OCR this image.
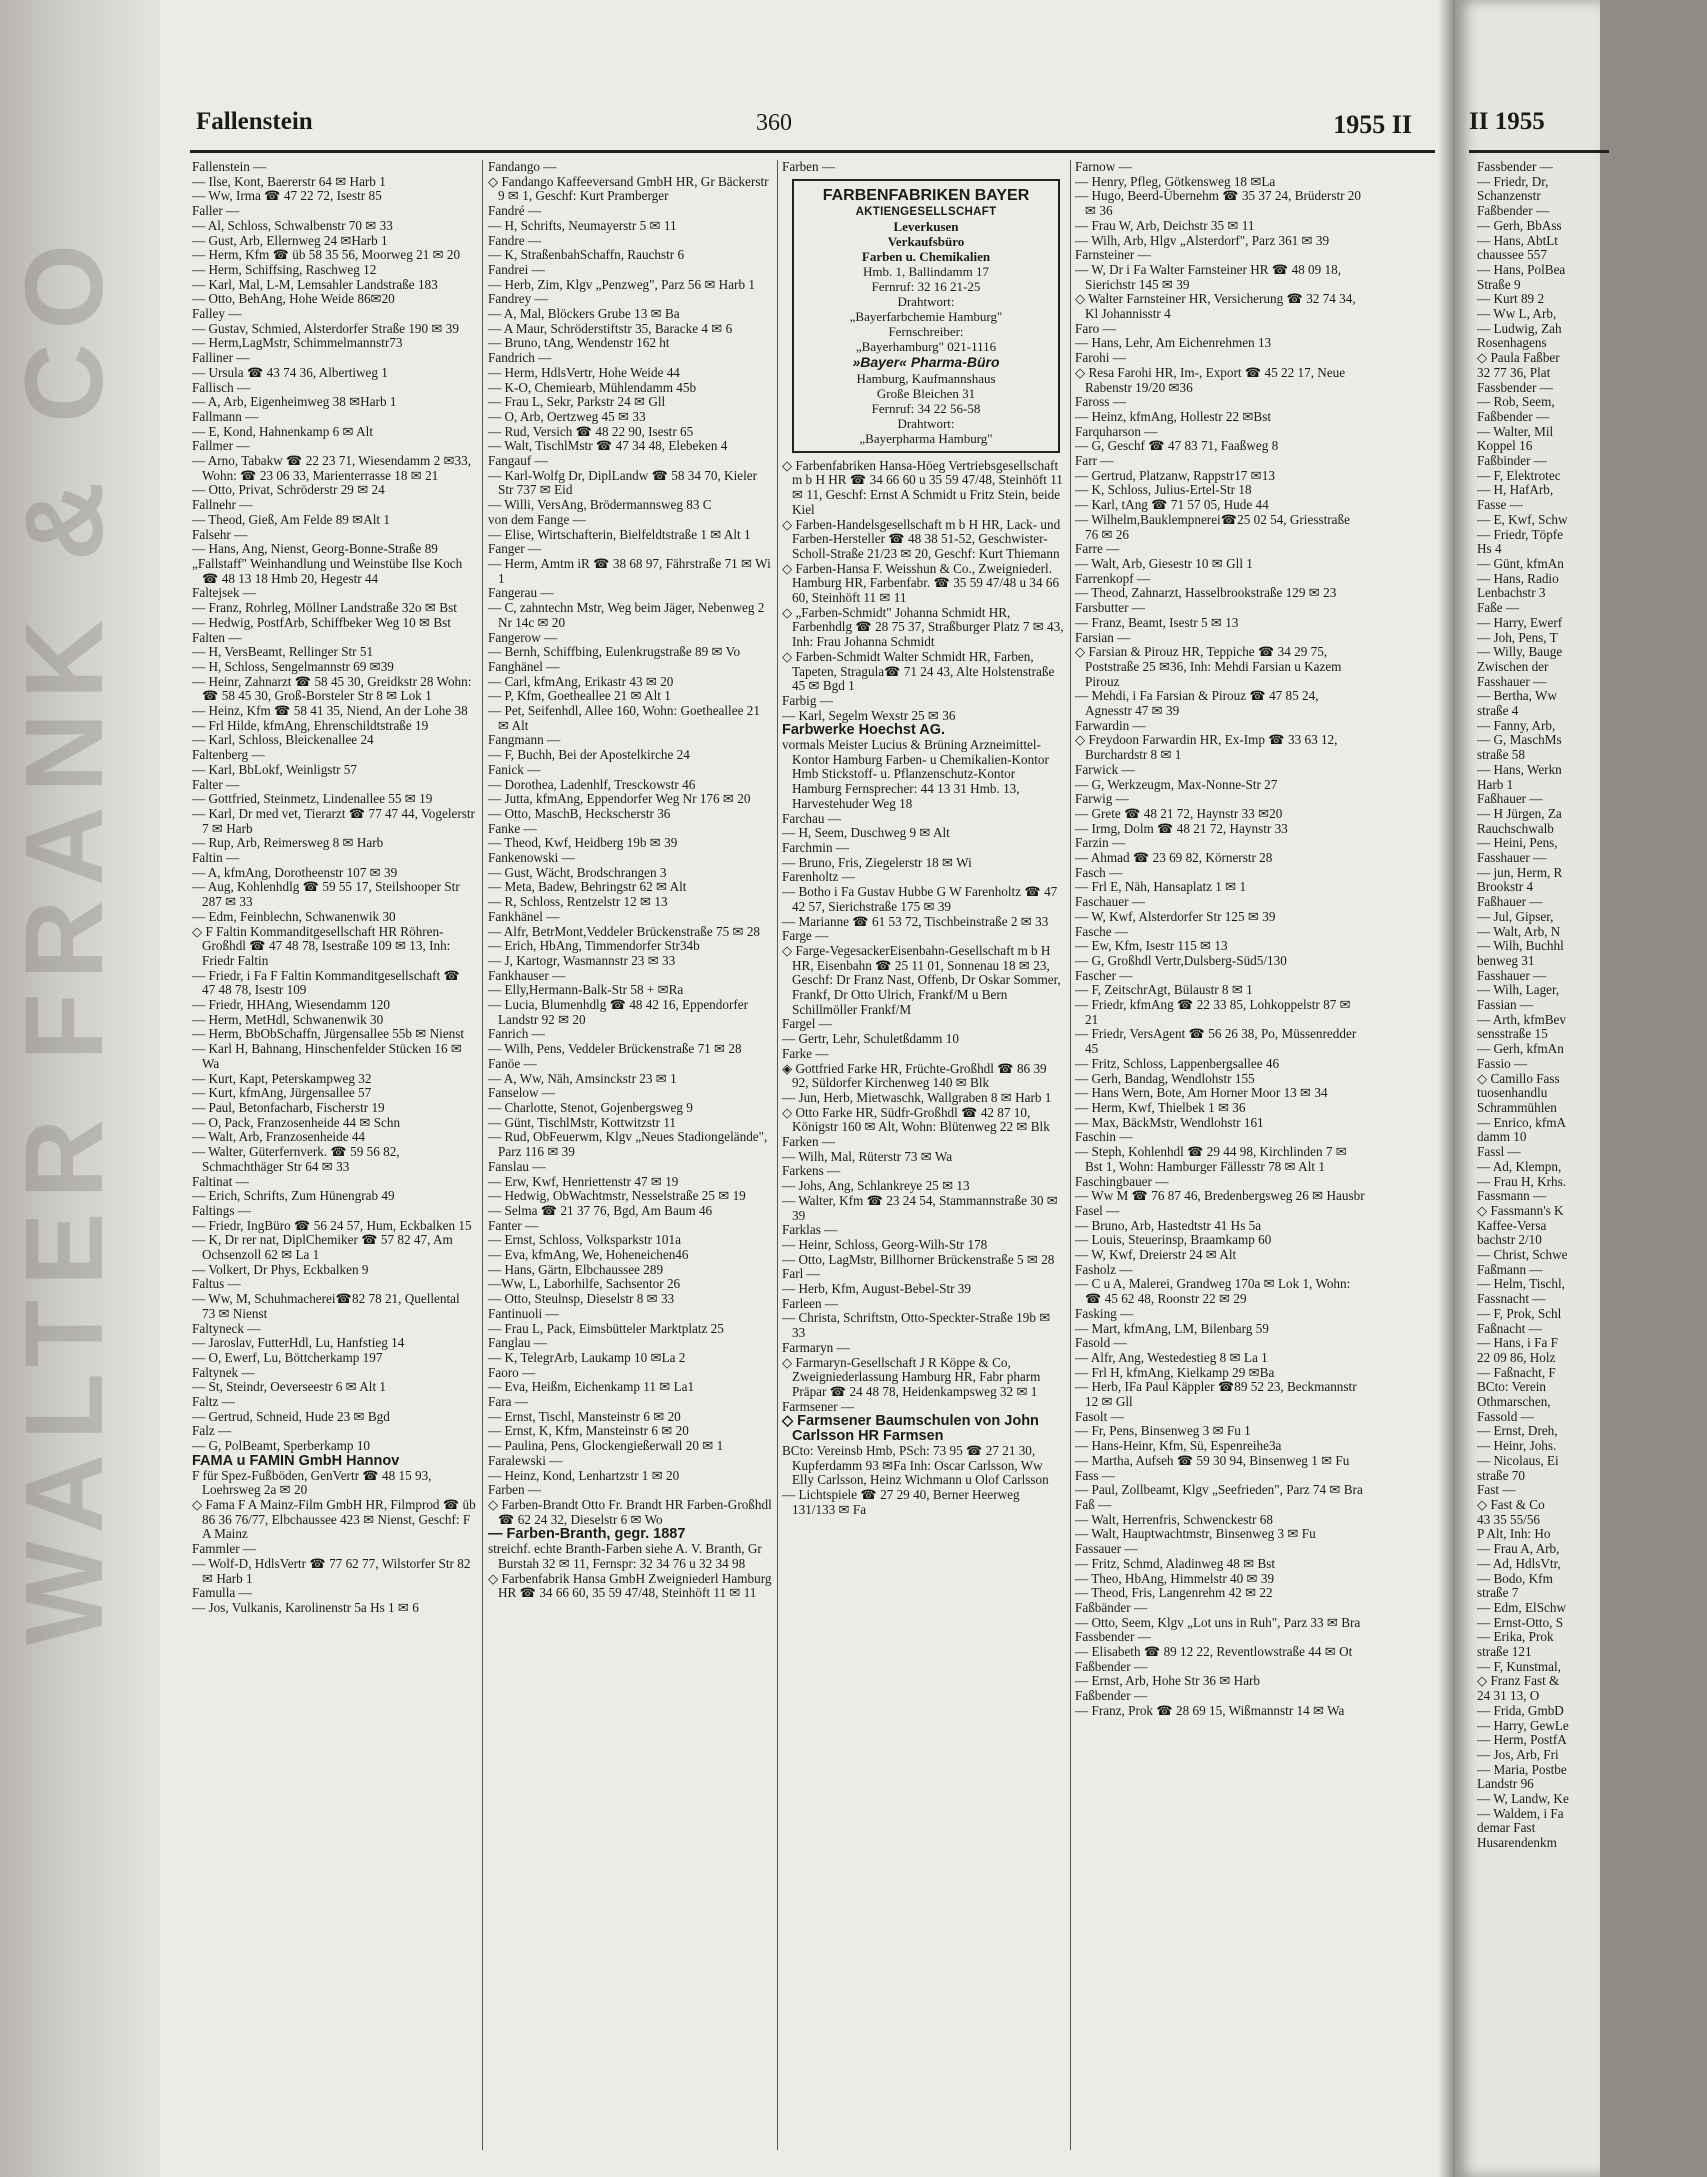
WALTER FRANK & CO
Fallenstein	360	1955 II
Fallenstein —
— Ilse, Kont, Baererstr 64 ✉ Harb 1
— Ww, Irma ☎ 47 22 72, Isestr 85
Faller —
— Al, Schloss, Schwalbenstr 70 ✉ 33
— Gust, Arb, Ellernweg 24 ✉Harb 1
— Herm, Kfm ☎ üb 58 35 56, Moorweg 21 ✉ 20
— Herm, Schiffsing, Raschweg 12
— Karl, Mal, L-M, Lemsahler Landstraße 183
— Otto, BehAng, Hohe Weide 86✉20
Falley —
— Gustav, Schmied, Alsterdorfer Straße 190 ✉ 39
— Herm,LagMstr, Schimmelmannstr73
Falliner —
— Ursula ☎ 43 74 36, Albertiweg 1
Fallisch —
— A, Arb, Eigenheimweg 38 ✉Harb 1
Fallmann —
— E, Kond, Hahnenkamp 6 ✉ Alt
Fallmer —
— Arno, Tabakw ☎ 22 23 71, Wiesendamm 2 ✉33, Wohn: ☎ 23 06 33, Marienterrasse 18 ✉ 21
— Otto, Privat, Schröderstr 29 ✉ 24
Fallnehr —
— Theod, Gieß, Am Felde 89 ✉Alt 1
Falsehr —
— Hans, Ang, Nienst, Georg-Bonne-Straße 89
„Fallstaff" Weinhandlung und Weinstübe Ilse Koch ☎ 48 13 18 Hmb 20, Hegestr 44
Faltejsek —
— Franz, Rohrleg, Möllner Landstraße 32o ✉ Bst
— Hedwig, PostfArb, Schiffbeker Weg 10 ✉ Bst
Falten —
— H, VersBeamt, Rellinger Str 51
— H, Schloss, Sengelmannstr 69 ✉39
— Heinr, Zahnarzt ☎ 58 45 30, Greidkstr 28 Wohn: ☎ 58 45 30, Groß-Borsteler Str 8 ✉ Lok 1
— Heinz, Kfm ☎ 58 41 35, Niend, An der Lohe 38
— Frl Hilde, kfmAng, Ehrenschildtstraße 19
— Karl, Schloss, Bleickenallee 24
Faltenberg —
— Karl, BbLokf, Weinligstr 57
Falter —
— Gottfried, Steinmetz, Lindenallee 55 ✉ 19
— Karl, Dr med vet, Tierarzt ☎ 77 47 44, Vogelerstr 7 ✉ Harb
— Rup, Arb, Reimersweg 8 ✉ Harb
Faltin —
— A, kfmAng, Dorotheenstr 107 ✉ 39
— Aug, Kohlenhdlg ☎ 59 55 17, Steilshooper Str 287 ✉ 33
— Edm, Feinblechn, Schwanenwik 30
◇ F Faltin Kommanditgesellschaft HR Röhren-Großhdl ☎ 47 48 78, Isestraße 109 ✉ 13, Inh: Friedr Faltin
— Friedr, i Fa F Faltin Kommanditgesellschaft ☎ 47 48 78, Isestr 109
— Friedr, HHAng, Wiesendamm 120
— Herm, MetHdl, Schwanenwik 30
— Herm, BbObSchaffn, Jürgensallee 55b ✉ Nienst
— Karl H, Bahnang, Hinschenfelder Stücken 16 ✉ Wa
— Kurt, Kapt, Peterskampweg 32
— Kurt, kfmAng, Jürgensallee 57
— Paul, Betonfacharb, Fischerstr 19
— O, Pack, Franzosenheide 44 ✉ Schn
— Walt, Arb, Franzosenheide 44
— Walter, Güterfernverk. ☎ 59 56 82, Schmachthäger Str 64 ✉ 33
Faltinat —
— Erich, Schrifts, Zum Hünengrab 49
Faltings —
— Friedr, IngBüro ☎ 56 24 57, Hum, Eckbalken 15
— K, Dr rer nat, DiplChemiker ☎ 57 82 47, Am Ochsenzoll 62 ✉ La 1
— Volkert, Dr Phys, Eckbalken 9
Faltus —
— Ww, M, Schuhmacherei☎82 78 21, Quellental 73 ✉ Nienst
Faltyneck —
— Jaroslav, FutterHdl, Lu, Hanfstieg 14
— O, Ewerf, Lu, Böttcherkamp 197
Faltynek —
— St, Steindr, Oeverseestr 6 ✉ Alt 1
Faltz —
— Gertrud, Schneid, Hude 23 ✉ Bgd
Falz —
— G, PolBeamt, Sperberkamp 10
FAMA u FAMIN GmbH Hannov
F für Spez-Fußböden, GenVertr ☎ 48 15 93, Loehrsweg 2a ✉ 20
◇ Fama F A Mainz-Film GmbH HR, Filmprod ☎ üb 86 36 76/77, Elbchaussee 423 ✉ Nienst, Geschf: F A Mainz
Fammler —
— Wolf-D, HdlsVertr ☎ 77 62 77, Wilstorfer Str 82 ✉ Harb 1
Famulla —
— Jos, Vulkanis, Karolinenstr 5a Hs 1 ✉ 6
Fandango —
◇ Fandango Kaffeeversand GmbH HR, Gr Bäckerstr 9 ✉ 1, Geschf: Kurt Pramberger
Fandré —
— H, Schrifts, Neumayerstr 5 ✉ 11
Fandre —
— K, StraßenbahSchaffn, Rauchstr 6
Fandrei —
— Herb, Zim, Klgv „Penzweg", Parz 56 ✉ Harb 1
Fandrey —
— A, Mal, Blöckers Grube 13 ✉ Ba
— A Maur, Schröderstiftstr 35, Baracke 4 ✉ 6
— Bruno, tAng, Wendenstr 162 ht
Fandrich —
— Herm, HdlsVertr, Hohe Weide 44
— K-O, Chemiearb, Mühlendamm 45b
— Frau L, Sekr, Parkstr 24 ✉ Gll
— O, Arb, Oertzweg 45 ✉ 33
— Rud, Versich ☎ 48 22 90, Isestr 65
— Walt, TischlMstr ☎ 47 34 48, Elebeken 4
Fangauf —
— Karl-Wolfg Dr, DiplLandw ☎ 58 34 70, Kieler Str 737 ✉ Eid
— Willi, VersAng, Brödermannsweg 83 C
von dem Fange —
— Elise, Wirtschafterin, Bielfeldtstraße 1 ✉ Alt 1
Fanger —
— Herm, Amtm iR ☎ 38 68 97, Fährstraße 71 ✉ Wi 1
Fangerau —
— C, zahntechn Mstr, Weg beim Jäger, Nebenweg 2 Nr 14c ✉ 20
Fangerow —
— Bernh, Schiffbing, Eulenkrugstraße 89 ✉ Vo
Fanghänel —
— Carl, kfmAng, Erikastr 43 ✉ 20
— P, Kfm, Goetheallee 21 ✉ Alt 1
— Pet, Seifenhdl, Allee 160, Wohn: Goetheallee 21 ✉ Alt
Fangmann —
— F, Buchh, Bei der Apostelkirche 24
Fanick —
— Dorothea, Ladenhlf, Tresckowstr 46
— Jutta, kfmAng, Eppendorfer Weg Nr 176 ✉ 20
— Otto, MaschB, Heckscherstr 36
Fanke —
— Theod, Kwf, Heidberg 19b ✉ 39
Fankenowski —
— Gust, Wächt, Brodschrangen 3
— Meta, Badew, Behringstr 62 ✉ Alt
— R, Schloss, Rentzelstr 12 ✉ 13
Fankhänel —
— Alfr, BetrMont,Veddeler Brückenstraße 75 ✉ 28
— Erich, HbAng, Timmendorfer Str34b
— J, Kartogr, Wasmannstr 23 ✉ 33
Fankhauser —
— Elly,Hermann-Balk-Str 58 + ✉Ra
— Lucia, Blumenhdlg ☎ 48 42 16, Eppendorfer Landstr 92 ✉ 20
Fanrich —
— Wilh, Pens, Veddeler Brückenstraße 71 ✉ 28
Fanöe —
— A, Ww, Näh, Amsinckstr 23 ✉ 1
Fanselow —
— Charlotte, Stenot, Gojenbergsweg 9
— Günt, TischlMstr, Kottwitzstr 11
— Rud, ObFeuerwm, Klgv „Neues Stadiongelände", Parz 116 ✉ 39
Fanslau —
— Erw, Kwf, Henriettenstr 47 ✉ 19
— Hedwig, ObWachtmstr, Nesselstraße 25 ✉ 19
— Selma ☎ 21 37 76, Bgd, Am Baum 46
Fanter —
— Ernst, Schloss, Volksparkstr 101a
— Eva, kfmAng, We, Hoheneichen46
— Hans, Gärtn, Elbchaussee 289
—Ww, L, Laborhilfe, Sachsentor 26
— Otto, Steulnsp, Dieselstr 8 ✉ 33
Fantinuoli —
— Frau L, Pack, Eimsbütteler Marktplatz 25
Fanglau —
— K, TelegrArb, Laukamp 10 ✉La 2
Faoro —
— Eva, Heißm, Eichenkamp 11 ✉ La1
Fara —
— Ernst, Tischl, Mansteinstr 6 ✉ 20
— Ernst, K, Kfm, Mansteinstr 6 ✉ 20
— Paulina, Pens, Glockengießerwall 20 ✉ 1
Faralewski —
— Heinz, Kond, Lenhartzstr 1 ✉ 20
Farben —
◇ Farben-Brandt Otto Fr. Brandt HR Farben-Großhdl ☎ 62 24 32, Dieselstr 6 ✉ Wo
— Farben-Branth, gegr. 1887
streichf. echte Branth-Farben siehe A. V. Branth, Gr Burstah 32 ✉ 11, Fernspr: 32 34 76 u 32 34 98
◇ Farbenfabrik Hansa GmbH Zweigniederl Hamburg HR ☎ 34 66 60, 35 59 47/48, Steinhöft 11 ✉ 11
Farben —
FARBENFABRIKEN BAYER
AKTIENGESELLSCHAFT
Leverkusen
Verkaufsbüro
Farben u. Chemikalien
Hmb. 1, Ballindamm 17
Fernruf: 32 16 21-25
Drahtwort:
„Bayerfarbchemie Hamburg"
Fernschreiber:
„Bayerhamburg" 021-1116
»Bayer« Pharma-Büro
Hamburg, Kaufmannshaus
Große Bleichen 31
Fernruf: 34 22 56-58
Drahtwort:
„Bayerpharma Hamburg"
◇ Farbenfabriken Hansa-Höeg Vertriebsgesellschaft m b H HR ☎ 34 66 60 u 35 59 47/48, Steinhöft 11 ✉ 11, Geschf: Ernst A Schmidt u Fritz Stein, beide Kiel
◇ Farben-Handelsgesellschaft m b H HR, Lack- und Farben-Hersteller ☎ 48 38 51-52, Geschwister-Scholl-Straße 21/23 ✉ 20, Geschf: Kurt Thiemann
◇ Farben-Hansa F. Weisshun & Co., Zweigniederl. Hamburg HR, Farbenfabr. ☎ 35 59 47/48 u 34 66 60, Steinhöft 11 ✉ 11
◇ „Farben-Schmidt" Johanna Schmidt HR, Farbenhdlg ☎ 28 75 37, Straßburger Platz 7 ✉ 43, Inh: Frau Johanna Schmidt
◇ Farben-Schmidt Walter Schmidt HR, Farben, Tapeten, Stragula☎ 71 24 43, Alte Holstenstraße 45 ✉ Bgd 1
Farbig —
— Karl, Segelm Wexstr 25 ✉ 36
Farbwerke Hoechst AG.
vormals Meister Lucius & Brüning Arzneimittel-Kontor Hamburg Farben- u Chemikalien-Kontor Hmb Stickstoff- u. Pflanzenschutz-Kontor Hamburg Fernsprecher: 44 13 31 Hmb. 13, Harvestehuder Weg 18
Farchau —
— H, Seem, Duschweg 9 ✉ Alt
Farchmin —
— Bruno, Fris, Ziegelerstr 18 ✉ Wi
Farenholtz —
— Botho i Fa Gustav Hubbe G W Farenholtz ☎ 47 42 57, Sierichstraße 175 ✉ 39
— Marianne ☎ 61 53 72, Tischbeinstraße 2 ✉ 33
Farge —
◇ Farge-VegesackerEisenbahn-Gesellschaft m b H HR, Eisenbahn ☎ 25 11 01, Sonnenau 18 ✉ 23, Geschf: Dr Franz Nast, Offenb, Dr Oskar Sommer, Frankf, Dr Otto Ulrich, Frankf/M u Bern Schillmöller Frankf/M
Fargel —
— Gertr, Lehr, Schuletßdamm 10
Farke —
◈ Gottfried Farke HR, Früchte-Großhdl ☎ 86 39 92, Süldorfer Kirchenweg 140 ✉ Blk
— Jun, Herb, Mietwaschk, Wallgraben 8 ✉ Harb 1
◇ Otto Farke HR, Südfr-Großhdl ☎ 42 87 10, Königstr 160 ✉ Alt, Wohn: Blütenweg 22 ✉ Blk
Farken —
— Wilh, Mal, Rüterstr 73 ✉ Wa
Farkens —
— Johs, Ang, Schlankreye 25 ✉ 13
— Walter, Kfm ☎ 23 24 54, Stammannstraße 30 ✉ 39
Farklas —
— Heinr, Schloss, Georg-Wilh-Str 178
— Otto, LagMstr, Billhorner Brückenstraße 5 ✉ 28
Farl —
— Herb, Kfm, August-Bebel-Str 39
Farleen —
— Christa, Schriftstn, Otto-Speckter-Straße 19b ✉ 33
Farmaryn —
◇ Farmaryn-Gesellschaft J R Köppe & Co, Zweigniederlassung Hamburg HR, Fabr pharm Präpar ☎ 24 48 78, Heidenkampsweg 32 ✉ 1
Farmsener —
◇ Farmsener Baumschulen von John Carlsson HR Farmsen
BCto: Vereinsb Hmb, PSch: 73 95 ☎ 27 21 30, Kupferdamm 93 ✉Fa Inh: Oscar Carlsson, Ww Elly Carlsson, Heinz Wichmann u Olof Carlsson
— Lichtspiele ☎ 27 29 40, Berner Heerweg 131/133 ✉ Fa
Farnow —
— Henry, Pfleg, Götkensweg 18 ✉La
— Hugo, Beerd-Übernehm ☎ 35 37 24, Brüderstr 20 ✉ 36
— Frau W, Arb, Deichstr 35 ✉ 11
— Wilh, Arb, Hlgv „Alsterdorf", Parz 361 ✉ 39
Farnsteiner —
— W, Dr i Fa Walter Farnsteiner HR ☎ 48 09 18, Sierichstr 145 ✉ 39
◇ Walter Farnsteiner HR, Versicherung ☎ 32 74 34, Kl Johannisstr 4
Faro —
— Hans, Lehr, Am Eichenrehmen 13
Farohi —
◇ Resa Farohi HR, Im-, Export ☎ 45 22 17, Neue Rabenstr 19/20 ✉36
Faross —
— Heinz, kfmAng, Hollestr 22 ✉Bst
Farquharson —
— G, Geschf ☎ 47 83 71, Faaßweg 8
Farr —
— Gertrud, Platzanw, Rappstr17 ✉13
— K, Schloss, Julius-Ertel-Str 18
— Karl, tAng ☎ 71 57 05, Hude 44
— Wilhelm,Bauklempnerei☎25 02 54, Griesstraße 76 ✉ 26
Farre —
— Walt, Arb, Giesestr 10 ✉ Gll 1
Farrenkopf —
— Theod, Zahnarzt, Hasselbrookstraße 129 ✉ 23
Farsbutter —
— Franz, Beamt, Isestr 5 ✉ 13
Farsian —
◇ Farsian & Pirouz HR, Teppiche ☎ 34 29 75, Poststraße 25 ✉36, Inh: Mehdi Farsian u Kazem Pirouz
— Mehdi, i Fa Farsian & Pirouz ☎ 47 85 24, Agnesstr 47 ✉ 39
Farwardin —
◇ Freydoon Farwardin HR, Ex-Imp ☎ 33 63 12, Burchardstr 8 ✉ 1
Farwick —
— G, Werkzeugm, Max-Nonne-Str 27
Farwig —
— Grete ☎ 48 21 72, Haynstr 33 ✉20
— Irmg, Dolm ☎ 48 21 72, Haynstr 33
Farzin —
— Ahmad ☎ 23 69 82, Körnerstr 28
Fasch —
— Frl E, Näh, Hansaplatz 1 ✉ 1
Faschauer —
— W, Kwf, Alsterdorfer Str 125 ✉ 39
Fasche —
— Ew, Kfm, Isestr 115 ✉ 13
— G, Großhdl Vertr,Dulsberg-Süd5/130
Fascher —
— F, ZeitschrAgt, Bülaustr 8 ✉ 1
— Friedr, kfmAng ☎ 22 33 85, Lohkoppelstr 87 ✉ 21
— Friedr, VersAgent ☎ 56 26 38, Po, Müssenredder 45
— Fritz, Schloss, Lappenbergsallee 46
— Gerh, Bandag, Wendlohstr 155
— Hans Wern, Bote, Am Horner Moor 13 ✉ 34
— Herm, Kwf, Thielbek 1 ✉ 36
— Max, BäckMstr, Wendlohstr 161
Faschin —
— Steph, Kohlenhdl ☎ 29 44 98, Kirchlinden 7 ✉ Bst 1, Wohn: Hamburger Fällesstr 78 ✉ Alt 1
Faschingbauer —
— Ww M ☎ 76 87 46, Bredenbergsweg 26 ✉ Hausbr
Fasel —
— Bruno, Arb, Hastedtstr 41 Hs 5a
— Louis, Steuerinsp, Braamkamp 60
— W, Kwf, Dreierstr 24 ✉ Alt
Fasholz —
— C u A, Malerei, Grandweg 170a ✉ Lok 1, Wohn: ☎ 45 62 48, Roonstr 22 ✉ 29
Fasking —
— Mart, kfmAng, LM, Bilenbarg 59
Fasold —
— Alfr, Ang, Westedestieg 8 ✉ La 1
— Frl H, kfmAng, Kielkamp 29 ✉Ba
— Herb, IFa Paul Käppler ☎89 52 23, Beckmannstr 12 ✉ Gll
Fasolt —
— Fr, Pens, Binsenweg 3 ✉ Fu 1
— Hans-Heinr, Kfm, Sü, Espenreihe3a
— Martha, Aufseh ☎ 59 30 94, Binsenweg 1 ✉ Fu
Fass —
— Paul, Zollbeamt, Klgv „Seefrieden", Parz 74 ✉ Bra
Faß —
— Walt, Herrenfris, Schwenckestr 68
— Walt, Hauptwachtmstr, Binsenweg 3 ✉ Fu
Fassauer —
— Fritz, Schmd, Aladinweg 48 ✉ Bst
— Theo, HbAng, Himmelstr 40 ✉ 39
— Theod, Fris, Langenrehm 42 ✉ 22
Faßbänder —
— Otto, Seem, Klgv „Lot uns in Ruh", Parz 33 ✉ Bra
Fassbender —
— Elisabeth ☎ 89 12 22, Reventlowstraße 44 ✉ Ot
Faßbender —
— Ernst, Arb, Hohe Str 36 ✉ Harb
Faßbender —
— Franz, Prok ☎ 28 69 15, Wißmannstr 14 ✉ Wa
II 1955
Fassbender —
— Friedr, Dr,
Schanzenstr
Faßbender —
— Gerh, BbAss
— Hans, AbtLt
chaussee 557
— Hans, PolBea
Straße 9
— Kurt 89 2
— Ww L, Arb,
— Ludwig, Zah
Rosenhagens
◇ Paula Faßber
32 77 36, Plat
Fassbender —
— Rob, Seem,
Faßbender —
— Walter, Mil
Koppel 16
Faßbinder —
— F, Elektrotec
— H, HafArb,
Fasse —
— E, Kwf, Schw
— Friedr, Töpfe
Hs 4
— Günt, kfmAn
— Hans, Radio
Lenbachstr 3
Faße —
— Harry, Ewerf
— Joh, Pens, T
— Willy, Bauge
Zwischen der
Fasshauer —
— Bertha, Ww
straße 4
— Fanny, Arb,
— G, MaschMs
straße 58
— Hans, Werkn
Harb 1
Faßhauer —
— H Jürgen, Za
Rauchschwalb
— Heini, Pens,
Fasshauer —
— jun, Herm, R
Brookstr 4
Faßhauer —
— Jul, Gipser,
— Walt, Arb, N
— Wilh, Buchhl
benweg 31
Fasshauer —
— Wilh, Lager,
Fassian —
— Arth, kfmBev
sensstraße 15
— Gerh, kfmAn
Fassio —
◇ Camillo Fass
tuosenhandlu
Schrammühlen
— Enrico, kfmA
damm 10
Fassl —
— Ad, Klempn,
— Frau H, Krhs.
Fassmann —
◇ Fassmann's K
Kaffee-Versa
bachstr 2/10
— Christ, Schwe
Faßmann —
— Helm, Tischl,
Fassnacht —
— F, Prok, Schl
Faßnacht —
— Hans, i Fa F
22 09 86, Holz
— Faßnacht, F
BCto: Verein
Othmarschen,
Fassold —
— Ernst, Dreh,
— Heinr, Johs.
— Nicolaus, Ei
straße 70
Fast —
◇ Fast & Co
43 35 55/56
P Alt, Inh: Ho
— Frau A, Arb,
— Ad, HdlsVtr,
— Bodo, Kfm
straße 7
— Edm, ElSchw
— Ernst-Otto, S
— Erika, Prok
straße 121
— F, Kunstmal,
◇ Franz Fast &
24 31 13, O
— Frida, GmbD
— Harry, GewLe
— Herm, PostfA
— Jos, Arb, Fri
— Maria, Postbe
Landstr 96
— W, Landw, Ke
— Waldem, i Fa
demar Fast
Husarendenkm
